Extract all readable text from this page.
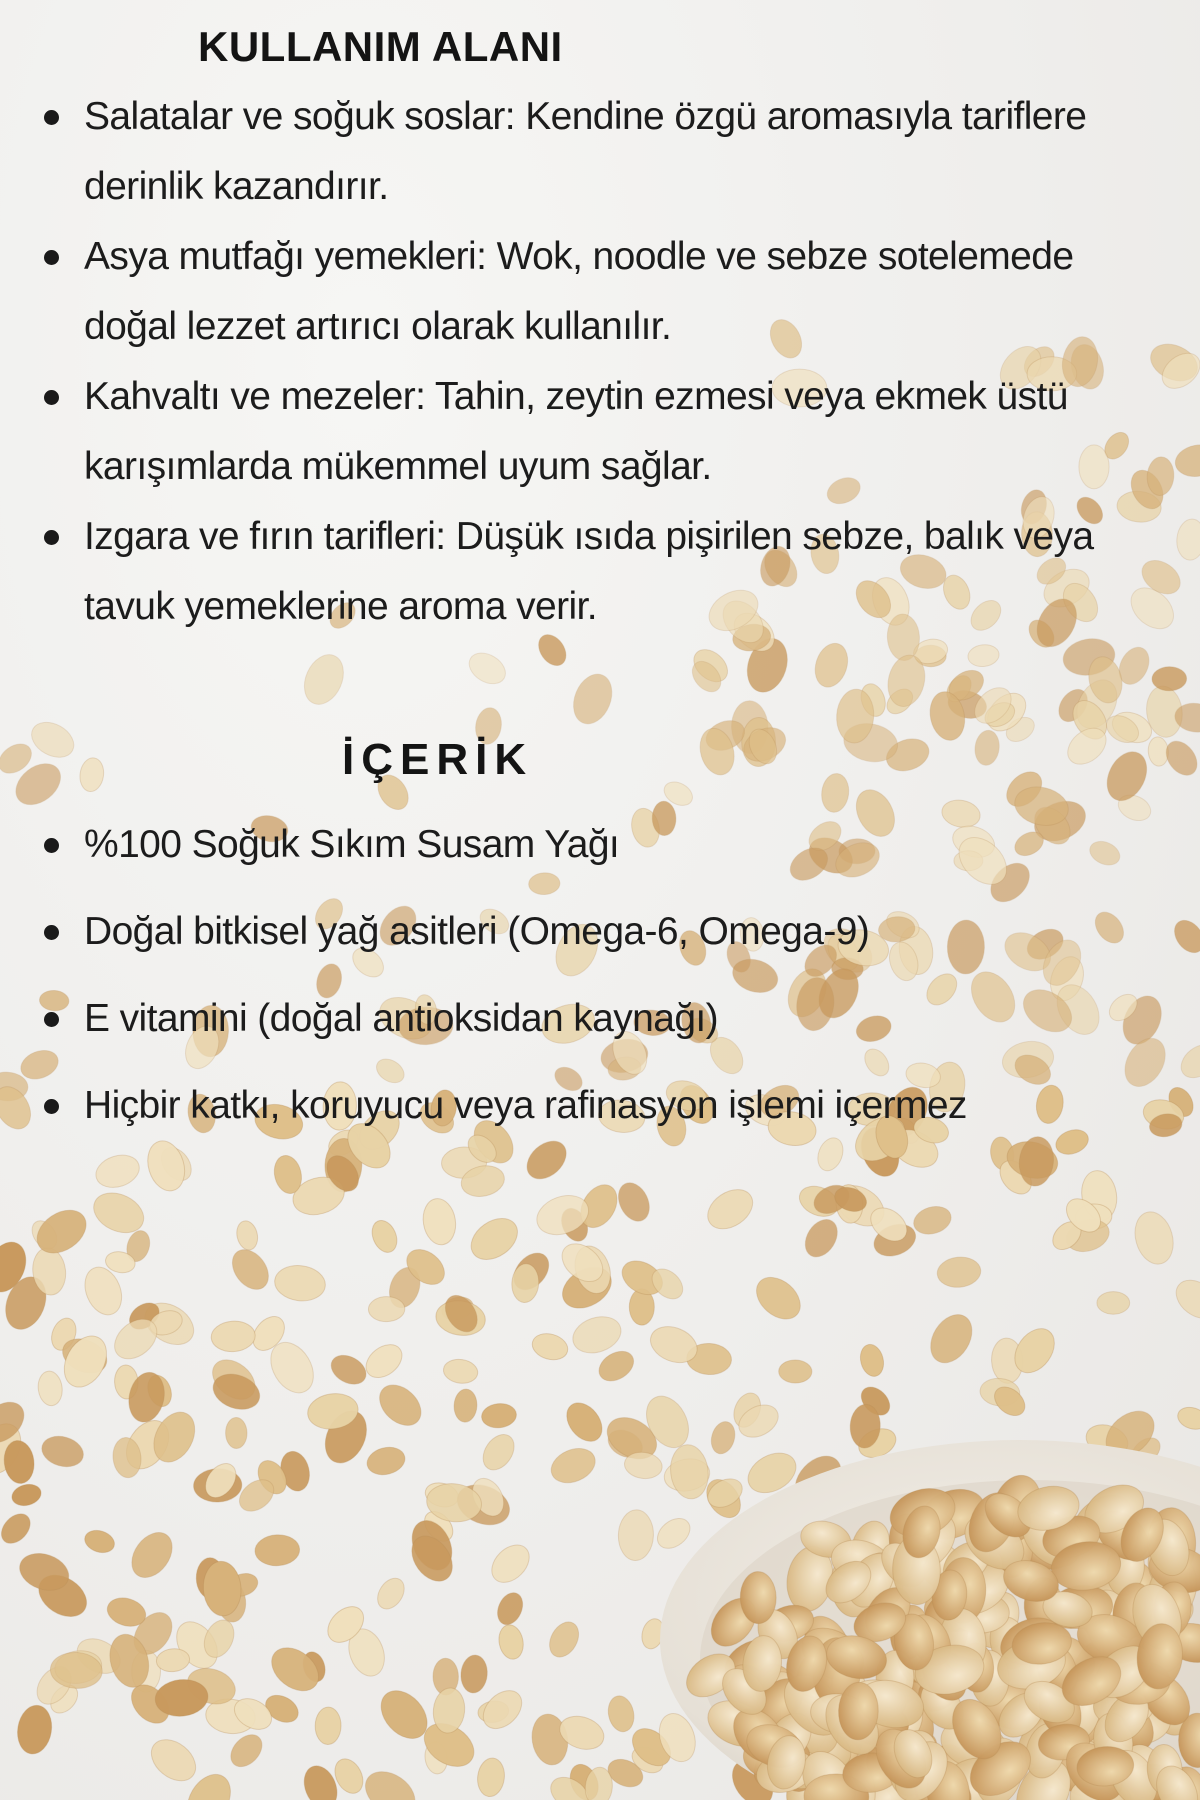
KULLANIM ALANI
Salatalar ve soğuk soslar: Kendine özgü aromasıyla tariflere derinlik kazandırır.
Asya mutfağı yemekleri: Wok, noodle ve sebze sotelemede doğal lezzet artırıcı olarak kullanılır.
Kahvaltı ve mezeler: Tahin, zeytin ezmesi veya ekmek üstü karışımlarda mükemmel uyum sağlar.
Izgara ve fırın tarifleri: Düşük ısıda pişirilen sebze, balık veya tavuk yemeklerine aroma verir.
İÇERİK
%100 Soğuk Sıkım Susam Yağı
Doğal bitkisel yağ asitleri (Omega-6, Omega-9)
E vitamini (doğal antioksidan kaynağı)
Hiçbir katkı, koruyucu veya rafinasyon işlemi içermez
